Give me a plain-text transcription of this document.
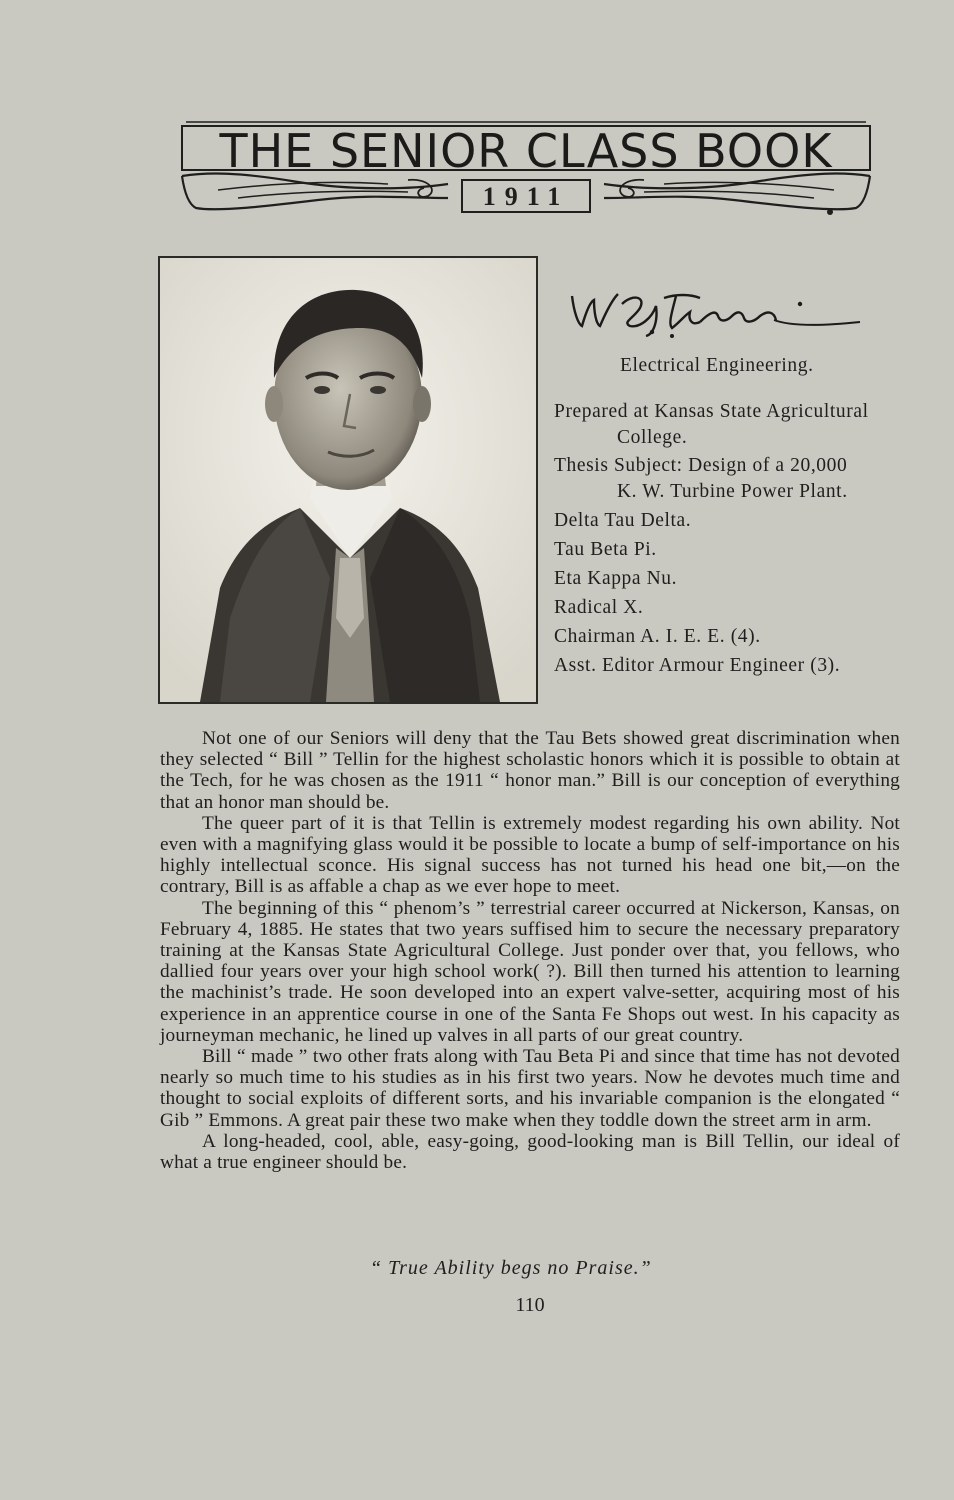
THE SENIOR CLASS BOOK
1911
Electrical Engineering.
Prepared at Kansas State Agricultural
College.
Thesis Subject: Design of a 20,000
K. W. Turbine Power Plant.
Delta Tau Delta.
Tau Beta Pi.
Eta Kappa Nu.
Radical X.
Chairman A. I. E. E. (4).
Asst. Editor Armour Engineer (3).

Not one of our Seniors will deny that the Tau Bets showed great discrimination when they selected “ Bill ” Tellin for the highest scholastic honors which it is possible to obtain at the Tech, for he was chosen as the 1911 “ honor man.” Bill is our conception of everything that an honor man should be.

The queer part of it is that Tellin is extremely modest regarding his own ability. Not even with a magnifying glass would it be possible to locate a bump of self-importance on his highly intellectual sconce. His signal success has not turned his head one bit,—on the contrary, Bill is as affable a chap as we ever hope to meet.

The beginning of this “ phenom’s ” terrestrial career occurred at Nickerson, Kansas, on February 4, 1885. He states that two years suffised him to secure the necessary preparatory training at the Kansas State Agricultural College. Just ponder over that, you fellows, who dallied four years over your high school work( ?). Bill then turned his attention to learning the machinist’s trade. He soon developed into an expert valve-setter, acquiring most of his experience in an apprentice course in one of the Santa Fe Shops out west. In his capacity as journeyman mechanic, he lined up valves in all parts of our great country.

Bill “ made ” two other frats along with Tau Beta Pi and since that time has not devoted nearly so much time to his studies as in his first two years. Now he devotes much time and thought to social exploits of different sorts, and his invariable companion is the elongated “ Gib ” Emmons. A great pair these two make when they toddle down the street arm in arm.

A long-headed, cool, able, easy-going, good-looking man is Bill Tellin, our ideal of what a true engineer should be.

“ True Ability begs no Praise.”
110
